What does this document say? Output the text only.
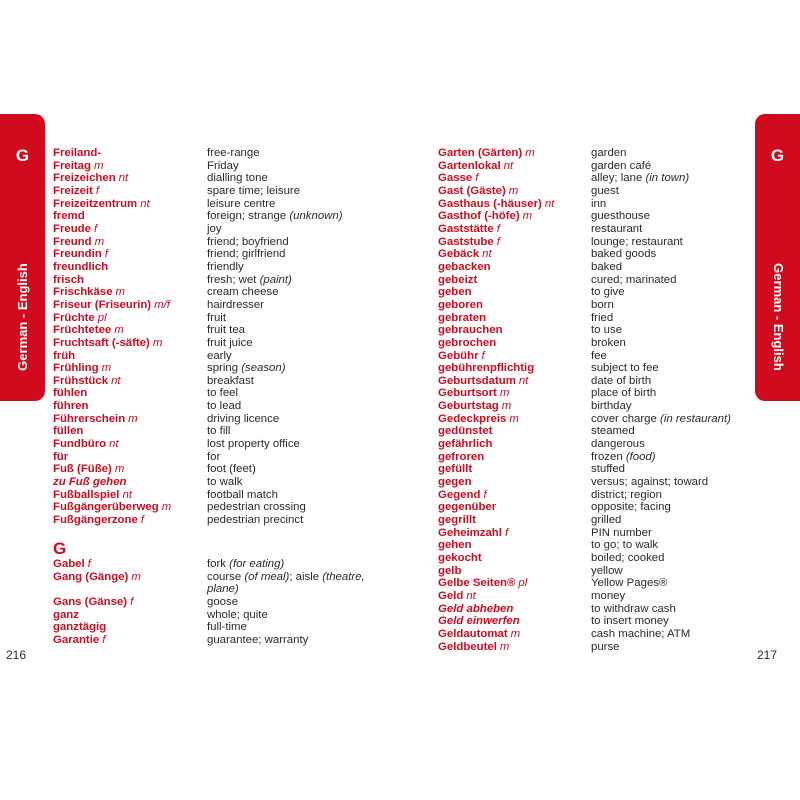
G
German - English
G
German - English
Freiland-	free-range
Freitag m	Friday
Freizeichen nt	dialling tone
Freizeit f	spare time; leisure
Freizeitzentrum nt	leisure centre
fremd	foreign; strange (unknown)
Freude f	joy
Freund m	friend; boyfriend
Freundin f	friend; girlfriend
freundlich	friendly
frisch	fresh; wet (paint)
Frischkäse m	cream cheese
Friseur (Friseurin) m/f	hairdresser
Früchte pl	fruit
Früchtetee m	fruit tea
Fruchtsaft (-säfte) m	fruit juice
früh	early
Frühling m	spring (season)
Frühstück nt	breakfast
fühlen	to feel
führen	to lead
Führerschein m	driving licence
füllen	to fill
Fundbüro nt	lost property office
für	for
Fuß (Füße) m	foot (feet)
zu Fuß gehen	to walk
Fußballspiel nt	football match
Fußgängerüberweg m	pedestrian crossing
Fußgängerzone f	pedestrian precinct
G
Gabel f	fork (for eating)
Gang (Gänge) m	course (of meal); aisle (theatre, plane)
Gans (Gänse) f	goose
ganz	whole; quite
ganztägig	full-time
Garantie f	guarantee; warranty
Garten (Gärten) m	garden
Gartenlokal nt	garden café
Gasse f	alley; lane (in town)
Gast (Gäste) m	guest
Gasthaus (-häuser) nt	inn
Gasthof (-höfe) m	guesthouse
Gaststätte f	restaurant
Gaststube f	lounge; restaurant
Gebäck nt	baked goods
gebacken	baked
gebeizt	cured; marinated
geben	to give
geboren	born
gebraten	fried
gebrauchen	to use
gebrochen	broken
Gebühr f	fee
gebührenpflichtig	subject to fee
Geburtsdatum nt	date of birth
Geburtsort m	place of birth
Geburtstag m	birthday
Gedeckpreis m	cover charge (in restaurant)
gedünstet	steamed
gefährlich	dangerous
gefroren	frozen (food)
gefüllt	stuffed
gegen	versus; against; toward
Gegend f	district; region
gegenüber	opposite; facing
gegrillt	grilled
Geheimzahl f	PIN number
gehen	to go; to walk
gekocht	boiled; cooked
gelb	yellow
Gelbe Seiten® pl	Yellow Pages®
Geld nt	money
Geld abheben	to withdraw cash
Geld einwerfen	to insert money
Geldautomat m	cash machine; ATM
Geldbeutel m	purse
216	217
